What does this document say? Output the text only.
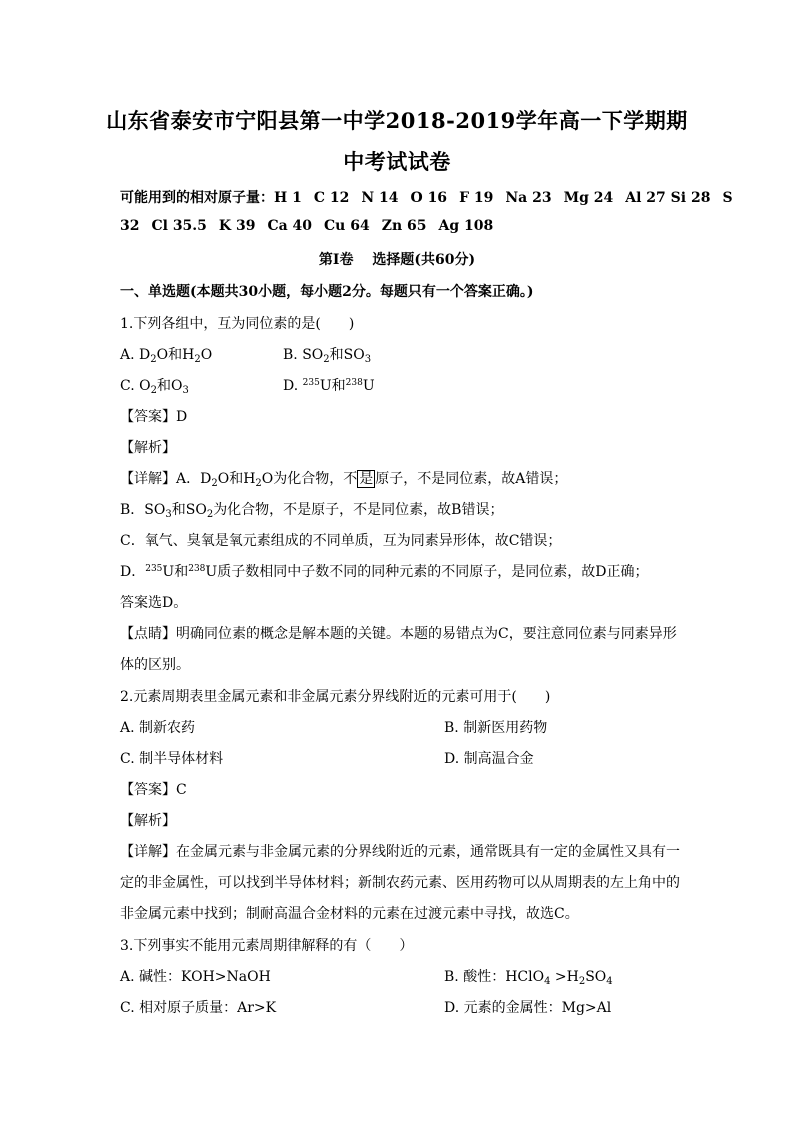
山东省泰安市宁阳县第一中学2018-2019学年高一下学期期
中考试试卷
可能用到的相对原子量：H 1 C 12 N 14 O 16 F 19 Na 23 Mg 24 Al 27 Si 28 S
32 Cl 35.5 K 39 Ca 40 Cu 64 Zn 65 Ag 108
第Ⅰ卷　 选择题(共60分)
一、单选题(本题共30小题，每小题2分。每题只有一个答案正确。)
1.下列各组中，互为同位素的是(　　)
A. $D_2O$和$H_2O$	B. $SO_2$和$SO_3$
C. $O_2$和$O_3$	D. $^{235}$U和$^{238}$U
【答案】D
【解析】
【详解】A．$D_2O$和$H_2O$为化合物，不 是 原子，不是同位素，故A错误；
B．$SO_3$和$SO_2$为化合物，不是原子，不是同位素，故B错误；
C．氧气、臭氧是氧元素组成的不同单质，互为同素异形体，故C错误；
D．$^{235}$U和$^{238}$U质子数相同中子数不同的同种元素的不同原子，是同位素，故D正确；
答案选D。
【点睛】明确同位素的概念是解本题的关键。本题的易错点为C，要注意同位素与同素异形
体的区别。
2.元素周期表里金属元素和非金属元素分界线附近的元素可用于(　　)
A. 制新农药	B. 制新医用药物
C. 制半导体材料	D. 制高温合金
【答案】C
【解析】
【详解】在金属元素与非金属元素的分界线附近的元素，通常既具有一定的金属性又具有一
定的非金属性，可以找到半导体材料；新制农药元素、医用药物可以从周期表的左上角中的
非金属元素中找到；制耐高温合金材料的元素在过渡元素中寻找，故选C。
3.下列事实不能用元素周期律解释的有（　　）
A. 碱性：KOH>NaOH	B. 酸性：HClO$_4$ $>H_2SO_4$
C. 相对原子质量：Ar>K	D. 元素的金属性：Mg>Al
